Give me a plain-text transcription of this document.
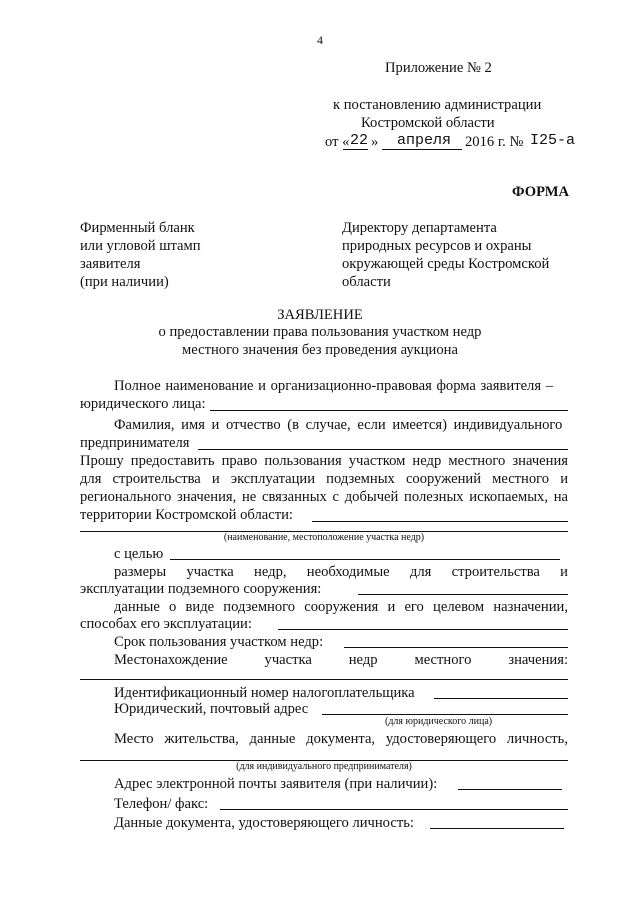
4
Приложение № 2
к постановлению администрации
Костромской области
от « 22 » апреля 2016 г. № I25-а
ФОРМА
Фирменный бланк
или угловой штамп
заявителя
(при наличии)
Директору департамента
природных ресурсов и охраны
окружающей среды Костромской
области
ЗАЯВЛЕНИЕ
о предоставлении права пользования участком недр
местного значения без проведения аукциона
Полное наименование и организационно-правовая форма заявителя –
юридического лица:
Фамилия, имя и отчество (в случае, если имеется) индивидуального
предпринимателя
Прошу предоставить право пользования участком недр местного значения
для строительства и эксплуатации подземных сооружений местного и
регионального значения, не связанных с добычей полезных ископаемых, на
территории Костромской области:
(наименование, местоположение участка недр)
с целью
размеры участка недр, необходимые для строительства и
эксплуатации подземного сооружения:
данные о виде подземного сооружения и его целевом назначении,
способах его эксплуатации:
Срок пользования участком недр:
Местонахождение участка недр местного значения:
Идентификационный номер налогоплательщика
Юридический, почтовый адрес
(для юридического лица)
Место жительства, данные документа, удостоверяющего личность,
(для индивидуального предпринимателя)
Адрес электронной почты заявителя (при наличии):
Телефон/ факс:
Данные документа, удостоверяющего личность:
